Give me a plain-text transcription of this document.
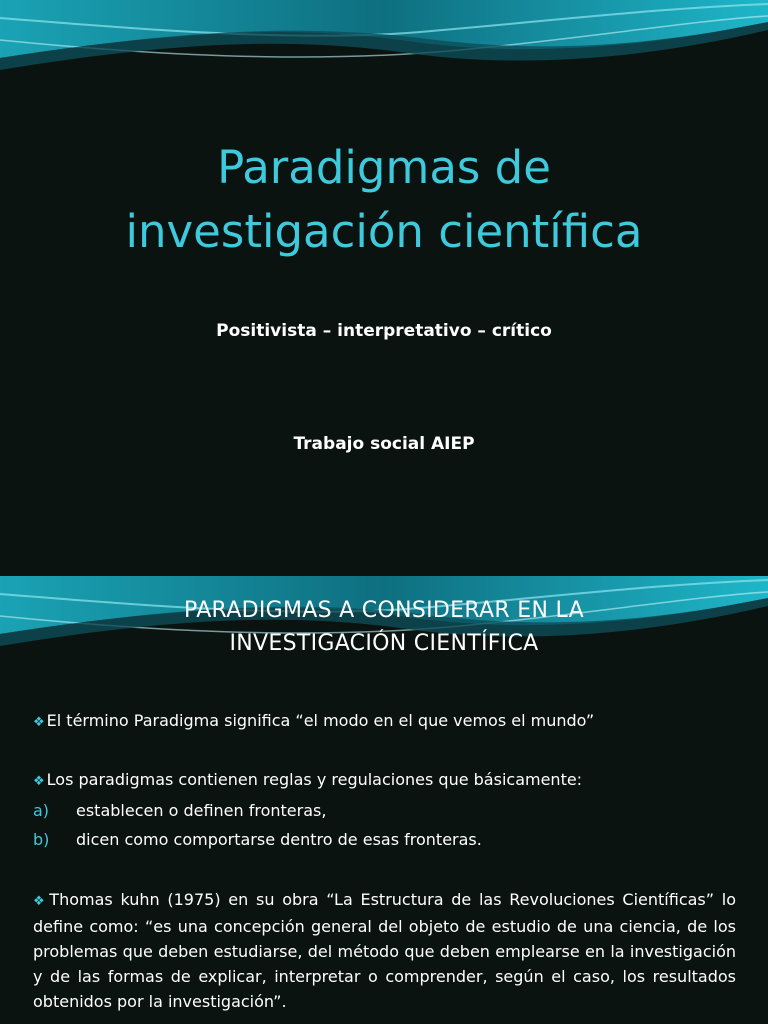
Paradigmas de
investigación científica
Positivista – interpretativo – crítico
Trabajo social AIEP
PARADIGMAS A CONSIDERAR EN LA
INVESTIGACIÓN CIENTÍFICA
❖ El término Paradigma significa “el modo en el que vemos el mundo”
❖ Los paradigmas contienen reglas y regulaciones que básicamente:
a)	establecen o definen fronteras,
b)	dicen como comportarse dentro de esas fronteras.
❖ Thomas kuhn (1975) en su obra “La Estructura de las Revoluciones Científicas” lo define como: “es una concepción general del objeto de estudio de una ciencia, de los problemas que deben estudiarse, del método que deben emplearse en la investigación y de las formas de explicar, interpretar o comprender, según el caso, los resultados obtenidos por la investigación”.
